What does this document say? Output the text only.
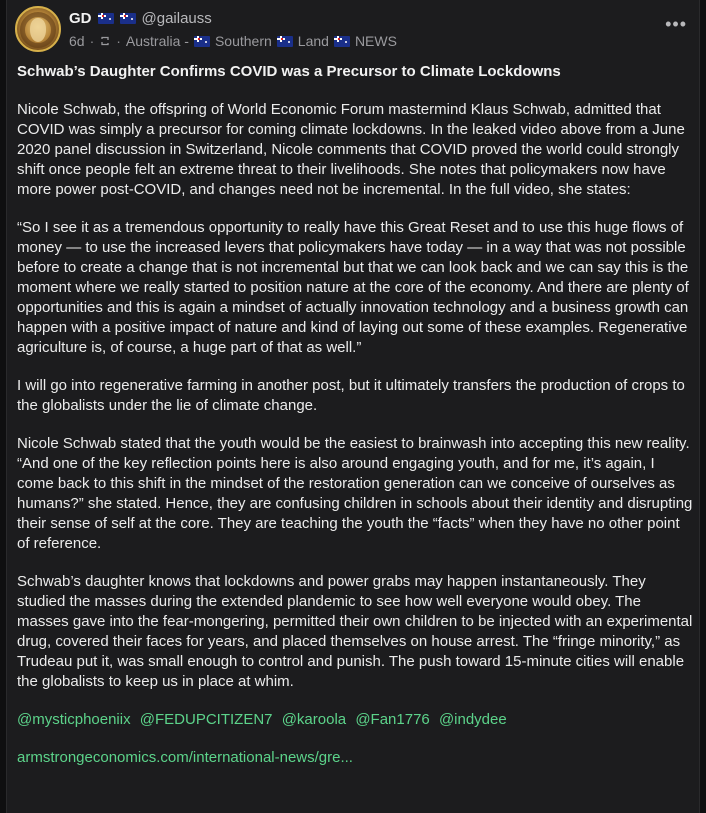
GD	@gailauss
6d · · Australia - Southern Land NEWS
•••

Schwab’s Daughter Confirms COVID was a Precursor to Climate Lockdowns

Nicole Schwab, the offspring of World Economic Forum mastermind Klaus Schwab, admitted that COVID was simply a precursor for coming climate lockdowns. In the leaked video above from a June 2020 panel discussion in Switzerland, Nicole comments that COVID proved the world could strongly shift once people felt an extreme threat to their livelihoods. She notes that policymakers now have more power post-COVID, and changes need not be incremental. In the full video, she states:

“So I see it as a tremendous opportunity to really have this Great Reset and to use this huge flows of money — to use the increased levers that policymakers have today — in a way that was not possible before to create a change that is not incremental but that we can look back and we can say this is the moment where we really started to position nature at the core of the economy. And there are plenty of opportunities and this is again a mindset of actually innovation technology and a business growth can happen with a positive impact of nature and kind of laying out some of these examples. Regenerative agriculture is, of course, a huge part of that as well.”

I will go into regenerative farming in another post, but it ultimately transfers the production of crops to the globalists under the lie of climate change.

Nicole Schwab stated that the youth would be the easiest to brainwash into accepting this new reality. “And one of the key reflection points here is also around engaging youth, and for me, it’s again, I come back to this shift in the mindset of the restoration generation can we conceive of ourselves as humans?” she stated. Hence, they are confusing children in schools about their identity and disrupting their sense of self at the core. They are teaching the youth the “facts” when they have no other point of reference.

Schwab’s daughter knows that lockdowns and power grabs may happen instantaneously. They studied the masses during the extended plandemic to see how well everyone would obey. The masses gave into the fear-mongering, permitted their own children to be injected with an experimental drug, covered their faces for years, and placed themselves on house arrest. The “fringe minority,” as Trudeau put it, was small enough to control and punish. The push toward 15-minute cities will enable the globalists to keep us in place at whim.

@mysticphoeniix @FEDUPCITIZEN7 @karoola @Fan1776 @indydee
armstrongeconomics.com/international-news/gre...
